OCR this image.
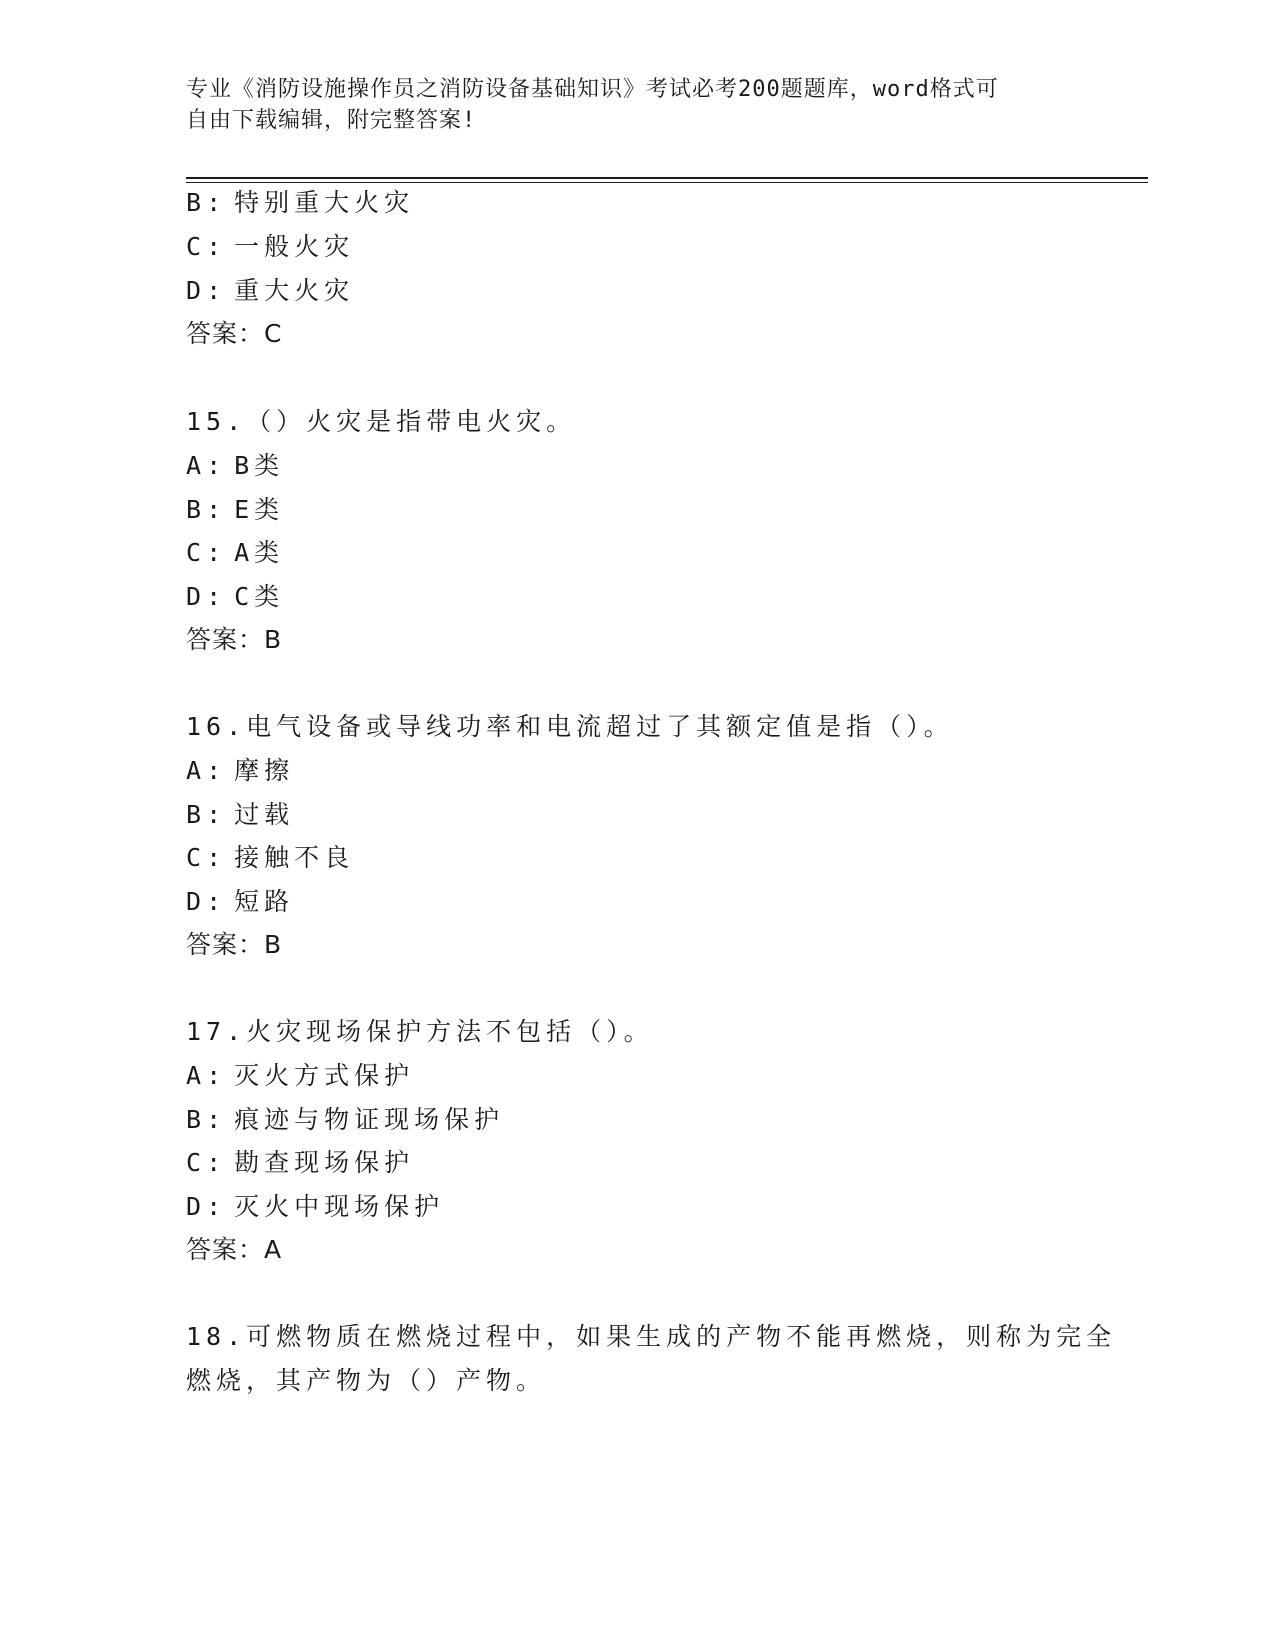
专业《消防设施操作员之消防设备基础知识》考试必考200题题库，word格式可
自由下载编辑，附完整答案!
B: 特别重大火灾
C: 一般火灾
D: 重大火灾
答案：C
15.（）火灾是指带电火灾。
A: B类
B: E类
C: A类
D: C类
答案：B
16.电气设备或导线功率和电流超过了其额定值是指（）。
A: 摩擦
B: 过载
C: 接触不良
D: 短路
答案：B
17.火灾现场保护方法不包括（）。
A: 灭火方式保护
B: 痕迹与物证现场保护
C: 勘查现场保护
D: 灭火中现场保护
答案：A
18.可燃物质在燃烧过程中，如果生成的产物不能再燃烧，则称为完全
燃烧，其产物为（）产物。
